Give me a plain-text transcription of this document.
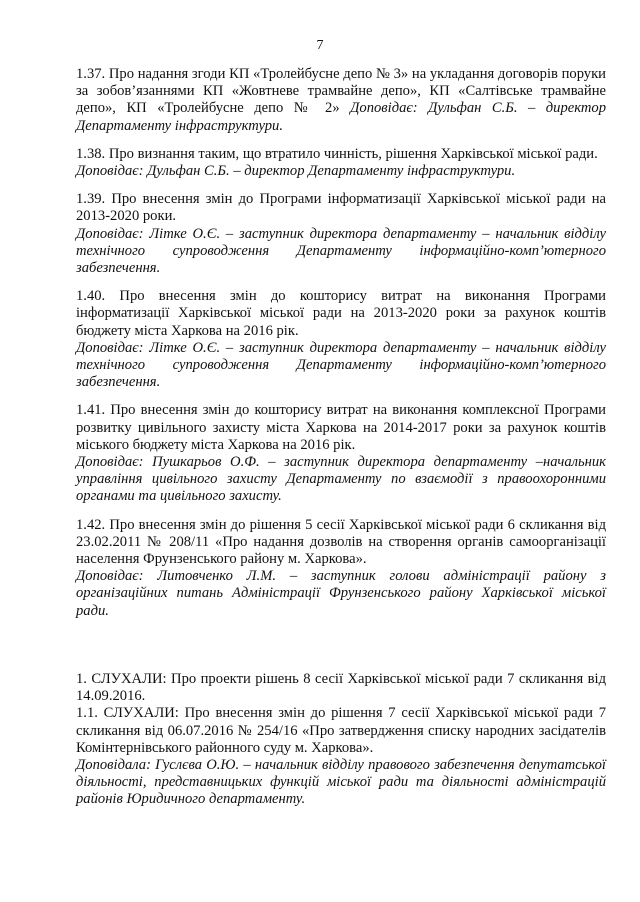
7

1.37. Про надання згоди КП «Тролейбусне депо № 3» на укладання договорів поруки за зобов’язаннями КП «Жовтневе трамвайне депо», КП «Салтівське трамвайне депо», КП «Тролейбусне депо № 2» Доповідає: Дульфан С.Б. – директор Департаменту інфраструктури.

1.38. Про визнання таким, що втратило чинність, рішення Харківської міської ради.

Доповідає: Дульфан С.Б. – директор Департаменту інфраструктури.

1.39. Про внесення змін до Програми інформатизації Харківської міської ради на 2013-2020 роки.

Доповідає: Літке О.Є. – заступник директора департаменту – начальник відділу технічного супроводження Департаменту інформаційно-комп’ютерного забезпечення.

1.40. Про внесення змін до кошторису витрат на виконання Програми інформатизації Харківської міської ради на 2013-2020 роки за рахунок коштів бюджету міста Харкова на 2016 рік.

Доповідає: Літке О.Є. – заступник директора департаменту – начальник відділу технічного супроводження Департаменту інформаційно-комп’ютерного забезпечення.

1.41. Про внесення змін до кошторису витрат на виконання комплексної Програми розвитку цивільного захисту міста Харкова на 2014-2017 роки за рахунок коштів міського бюджету міста Харкова на 2016 рік.

Доповідає: Пушкарьов О.Ф. – заступник директора департаменту –начальник управління цивільного захисту Департаменту по взаємодії з правоохоронними органами та цивільного захисту.

1.42. Про внесення змін до рішення 5 сесії Харківської міської ради 6 скликання від 23.02.2011 № 208/11 «Про надання дозволів на створення органів самоорганізації населення Фрунзенського району м. Харкова».

Доповідає: Литовченко Л.М. – заступник голови адміністрації району з організаційних питань Адміністрації Фрунзенського району Харківської міської ради.

1. СЛУХАЛИ: Про проекти рішень 8 сесії Харківської міської ради 7 скликання від 14.09.2016.

1.1. СЛУХАЛИ: Про внесення змін до рішення 7 сесії Харківської міської ради 7 скликання від 06.07.2016 № 254/16 «Про затвердження списку народних засідателів Комінтернівського районного суду м. Харкова».

Доповідала: Гуслєва О.Ю. – начальник відділу правового забезпечення депутатської діяльності, представницьких функцій міської ради та діяльності адміністрацій районів Юридичного департаменту.
